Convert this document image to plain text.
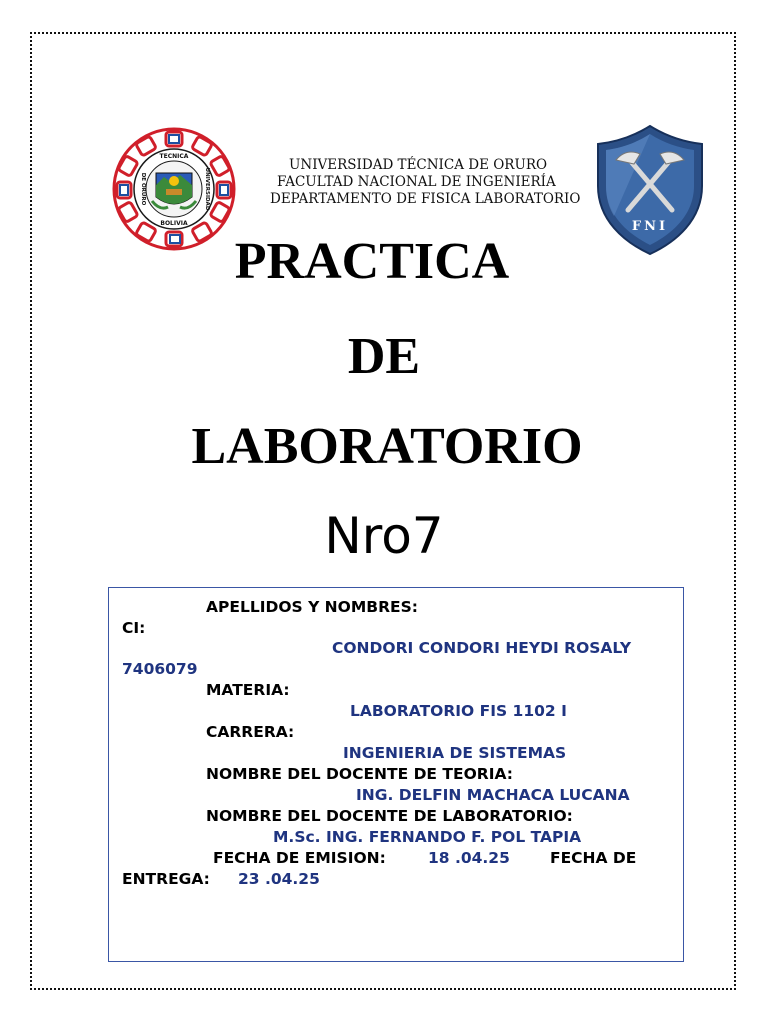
TECNICA
BOLIVIA
DE ORURO	UNIVERSIDAD
FNI
UNIVERSIDAD TÉCNICA DE ORURO
FACULTAD NACIONAL DE INGENIERÍA
DEPARTAMENTO DE FISICA LABORATORIO
PRACTICA
DE
LABORATORIO
Nro7
APELLIDOS Y NOMBRES:
CI:
CONDORI CONDORI HEYDI ROSALY
7406079
MATERIA:
LABORATORIO FIS 1102 I
CARRERA:
INGENIERIA DE SISTEMAS
NOMBRE DEL DOCENTE DE TEORIA:
ING. DELFIN MACHACA LUCANA
NOMBRE DEL DOCENTE DE LABORATORIO:
M.Sc. ING. FERNANDO F. POL TAPIA
FECHA DE EMISION:	18 .04.25	FECHA DE
ENTREGA: 23 .04.25
